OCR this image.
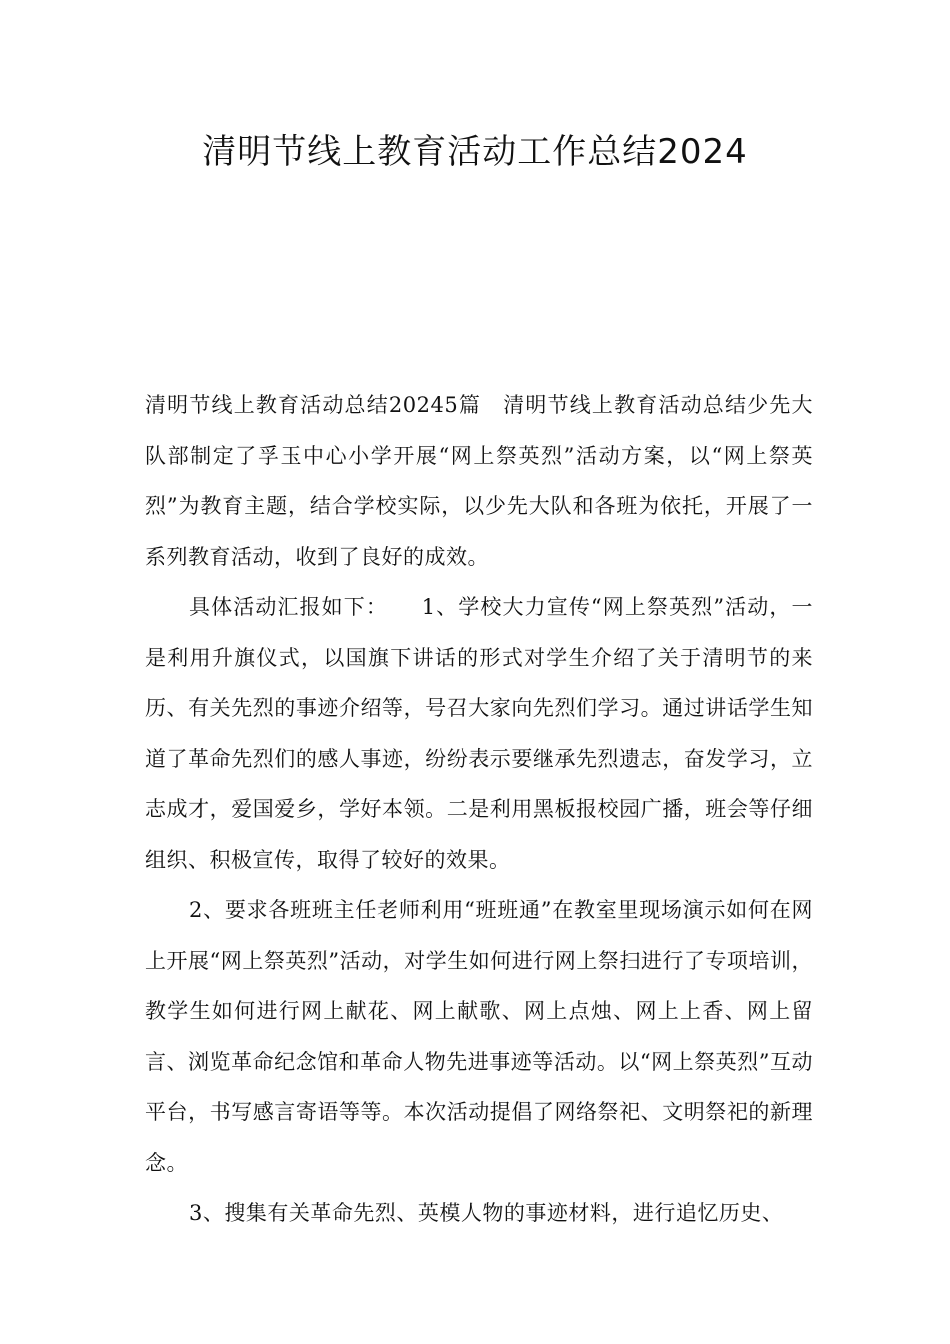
清明节线上教育活动工作总结2024

清明节线上教育活动总结20245篇　清明节线上教育活动总结少先大队部制定了孚玉中心小学开展“网上祭英烈”活动方案，以“网上祭英烈”为教育主题，结合学校实际，以少先大队和各班为依托，开展了一系列教育活动，收到了良好的成效。

具体活动汇报如下：　　1、学校大力宣传“网上祭英烈”活动，一是利用升旗仪式，以国旗下讲话的形式对学生介绍了关于清明节的来历、有关先烈的事迹介绍等，号召大家向先烈们学习。通过讲话学生知道了革命先烈们的感人事迹，纷纷表示要继承先烈遗志，奋发学习，立志成才，爱国爱乡，学好本领。二是利用黑板报校园广播，班会等仔细组织、积极宣传，取得了较好的效果。

2、要求各班班主任老师利用“班班通”在教室里现场演示如何在网上开展“网上祭英烈”活动，对学生如何进行网上祭扫进行了专项培训，教学生如何进行网上献花、网上献歌、网上点烛、网上上香、网上留言、浏览革命纪念馆和革命人物先进事迹等活动。以“网上祭英烈”互动平台，书写感言寄语等等。本次活动提倡了网络祭祀、文明祭祀的新理念。

3、搜集有关革命先烈、英模人物的事迹材料，进行追忆历史、
